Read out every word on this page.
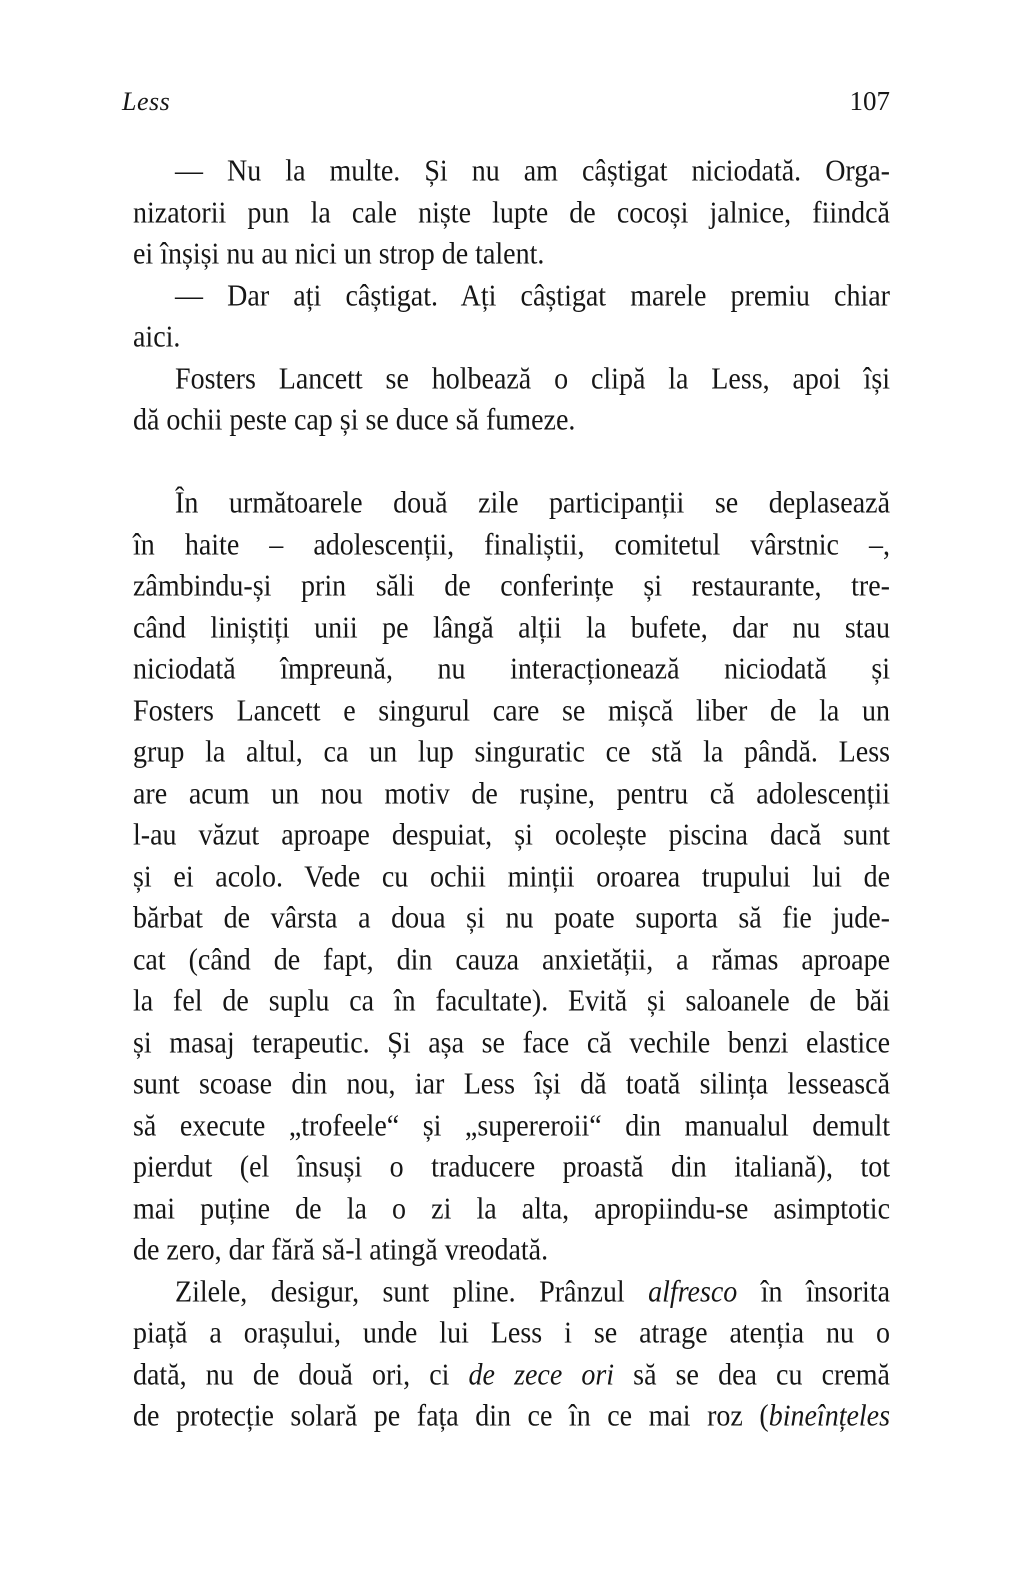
Less	107

— Nu la multe. Și nu am câștigat niciodată. Orga-
nizatorii pun la cale niște lupte de cocoși jalnice, fiindcă
ei înșiși nu au nici un strop de talent.

— Dar ați câștigat. Ați câștigat marele premiu chiar
aici.

Fosters Lancett se holbează o clipă la Less, apoi își
dă ochii peste cap și se duce să fumeze.

În următoarele două zile participanții se deplasează
în haite – adolescenții, finaliștii, comitetul vârstnic –,
zâmbindu-și prin săli de conferințe și restaurante, tre-
când liniștiți unii pe lângă alții la bufete, dar nu stau
niciodată împreună, nu interacționează niciodată și
Fosters Lancett e singurul care se mișcă liber de la un
grup la altul, ca un lup singuratic ce stă la pândă. Less
are acum un nou motiv de rușine, pentru că adolescenții
l-au văzut aproape despuiat, și ocolește piscina dacă sunt
și ei acolo. Vede cu ochii minții oroarea trupului lui de
bărbat de vârsta a doua și nu poate suporta să fie jude-
cat (când de fapt, din cauza anxietății, a rămas aproape
la fel de suplu ca în facultate). Evită și saloanele de băi
și masaj terapeutic. Și așa se face că vechile benzi elastice
sunt scoase din nou, iar Less își dă toată silința lessească
să execute „trofeele“ și „supereroii“ din manualul demult
pierdut (el însuși o traducere proastă din italiană), tot
mai puține de la o zi la alta, apropiindu-se asimptotic
de zero, dar fără să-l atingă vreodată.

Zilele, desigur, sunt pline. Prânzul alfresco în însorita
piață a orașului, unde lui Less i se atrage atenția nu o
dată, nu de două ori, ci de zece ori să se dea cu cremă
de protecție solară pe fața din ce în ce mai roz (bineînțeles
